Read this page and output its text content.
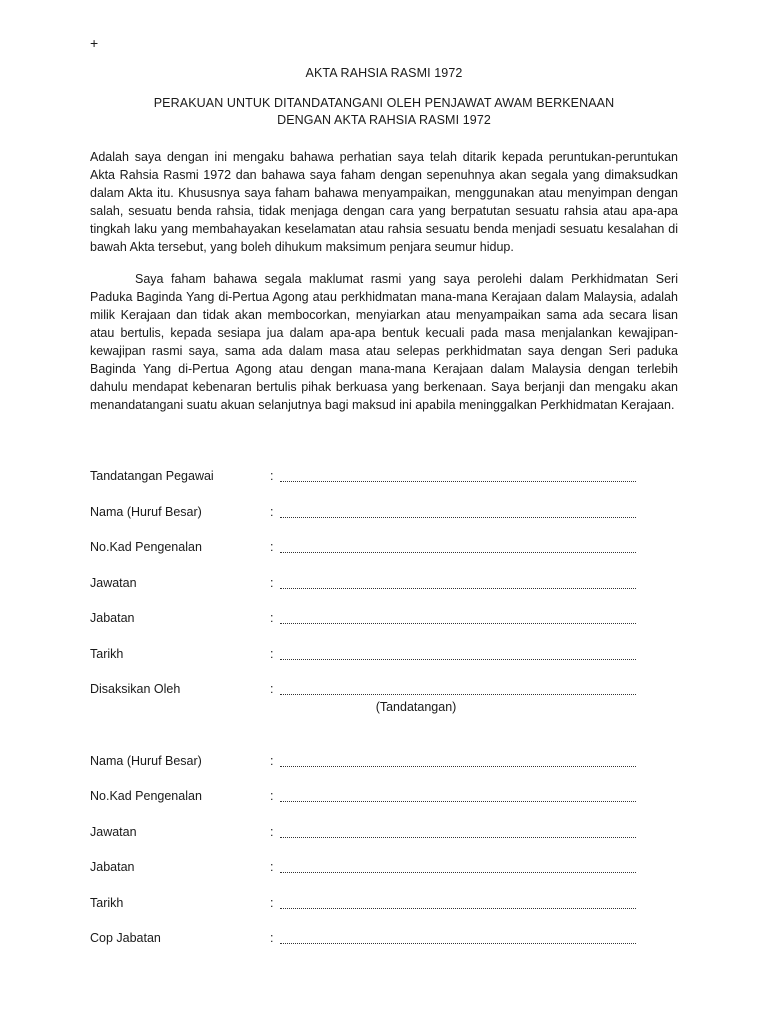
+
AKTA RAHSIA RASMI 1972
PERAKUAN UNTUK DITANDATANGANI OLEH PENJAWAT AWAM BERKENAAN
DENGAN AKTA RAHSIA RASMI 1972

Adalah saya dengan ini mengaku bahawa perhatian saya telah ditarik kepada peruntukan-peruntukan Akta Rahsia Rasmi 1972 dan bahawa saya faham dengan sepenuhnya akan segala yang dimaksudkan dalam Akta itu. Khususnya saya faham bahawa menyampaikan, menggunakan atau menyimpan dengan salah, sesuatu benda rahsia, tidak menjaga dengan cara yang berpatutan sesuatu rahsia atau apa-apa tingkah laku yang membahayakan keselamatan atau rahsia sesuatu benda menjadi sesuatu kesalahan di bawah Akta tersebut, yang boleh dihukum maksimum penjara seumur hidup.

Saya faham bahawa segala maklumat rasmi yang saya perolehi dalam Perkhidmatan Seri Paduka Baginda Yang di-Pertua Agong atau perkhidmatan mana-mana Kerajaan dalam Malaysia, adalah milik Kerajaan dan tidak akan membocorkan, menyiarkan atau menyampaikan sama ada secara lisan atau bertulis, kepada sesiapa jua dalam apa-apa bentuk kecuali pada masa menjalankan kewajipan-kewajipan rasmi saya, sama ada dalam masa atau selepas perkhidmatan saya dengan Seri paduka Baginda Yang di-Pertua Agong atau dengan mana-mana Kerajaan dalam Malaysia dengan terlebih dahulu mendapat kebenaran bertulis pihak berkuasa yang berkenaan. Saya berjanji dan mengaku akan menandatangani suatu akuan selanjutnya bagi maksud ini apabila meninggalkan Perkhidmatan Kerajaan.

Tandatangan Pegawai	:
Nama (Huruf Besar)	:
No.Kad Pengenalan	:
Jawatan	:
Jabatan	:
Tarikh	:
Disaksikan Oleh	:
(Tandatangan)
Nama (Huruf Besar)	:
No.Kad Pengenalan	:
Jawatan	:
Jabatan	:
Tarikh	:
Cop Jabatan	:
